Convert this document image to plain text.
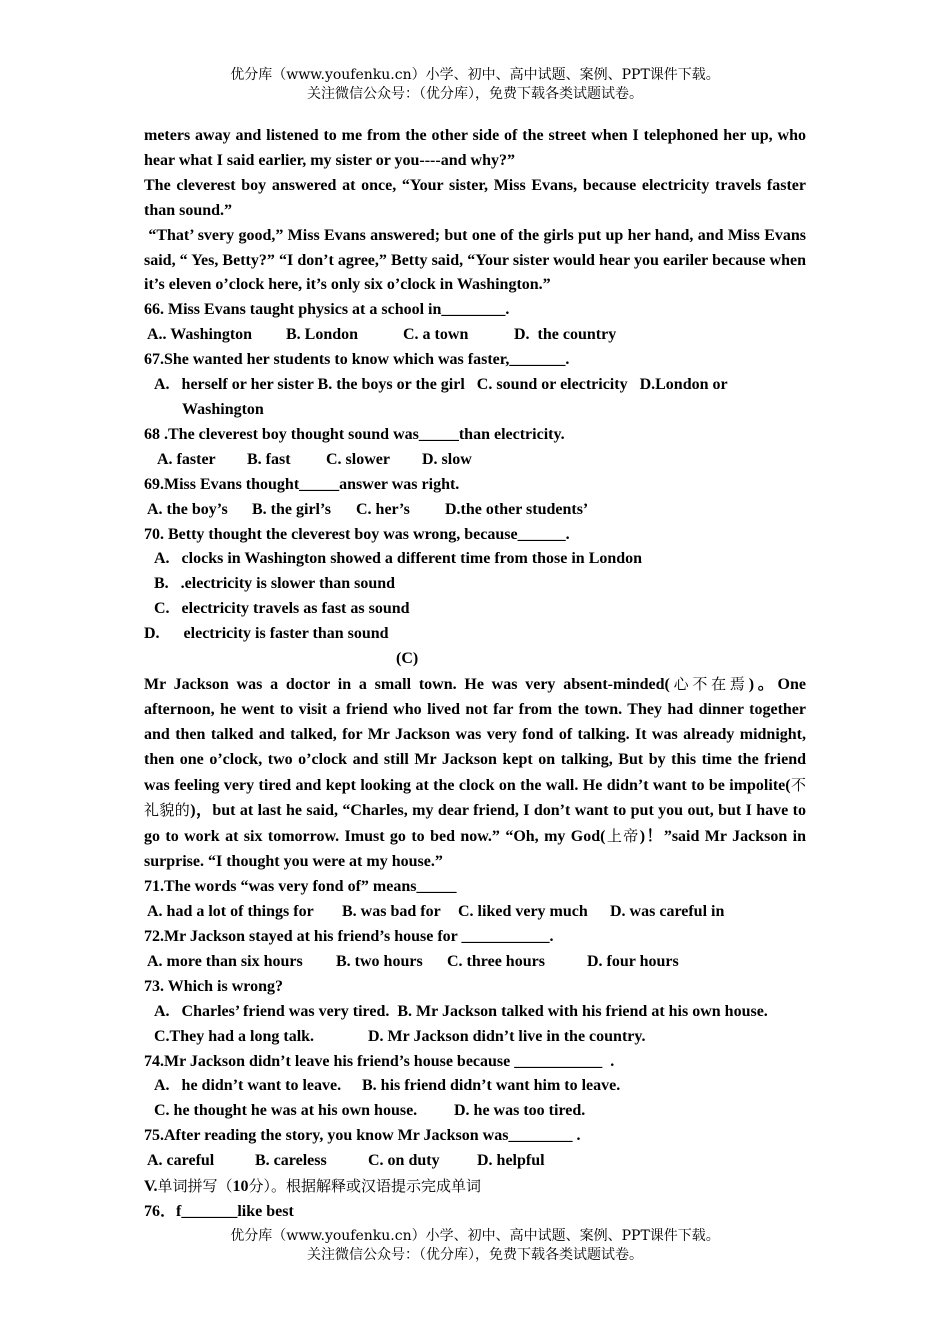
优分库（www.youfenku.cn）小学、初中、高中试题、案例、PPT课件下载。
关注微信公众号：（优分库），免费下载各类试题试卷。
meters away and listened to me from the other side of the street when I telephoned her up, who hear what I said earlier, my sister or you----and why?”
The cleverest boy answered at once, “Your sister, Miss Evans, because electricity travels faster than sound.”
“That’ svery good,” Miss Evans answered; but one of the girls put up her hand, and Miss Evans said, “ Yes, Betty?” “I don’t agree,” Betty said, “Your sister would hear you eariler because when it’s eleven o’clock here, it’s only six o’clock in Washington.”
66. Miss Evans taught physics at a school in________.
A.. Washington B. London	C. a town	D.  the country
67.She wanted her students to know which was faster,_______.
A.   herself or her sister B. the boys or the girl   C. sound or electricity   D.London or
Washington
68 .The cleverest boy thought sound was_____than electricity.
A. faster B. fast C. slower D. slow
69.Miss Evans thought_____answer was right.
A. the boy’s B. the girl’s C. her’s D.the other students’
70. Betty thought the cleverest boy was wrong, because______.
A.   clocks in Washington showed a different time from those in London
B.   .electricity is slower than sound
C.   electricity travels as fast as sound
D.      electricity is faster than sound
(C)
Mr Jackson was a doctor in a small town. He was very absent-minded(心不在焉)。One afternoon, he went to visit a friend who lived not far from the town. They had dinner together and then talked and talked, for Mr Jackson was very fond of talking. It was already midnight, then one o’clock, two o’clock and still Mr Jackson kept on talking, But by this time the friend was feeling very tired and kept looking at the clock on the wall. He didn’t want to be impolite(不礼貌的)，but at last he said, “Charles, my dear friend, I don’t want to put you out, but I have to go to work at six tomorrow. Imust go to bed now.” “Oh, my God(上帝)！”said Mr Jackson in surprise. “I thought you were at my house.”
71.The words “was very fond of” means_____
A. had a lot of things for B. was bad for C. liked very much D. was careful in
72.Mr Jackson stayed at his friend’s house for ___________.
A. more than six hours B. two hours C. three hours	D. four hours
73. Which is wrong?
A.   Charles’ friend was very tired.  B. Mr Jackson talked with his friend at his own house.
C.They had a long talk.	D. Mr Jackson didn’t live in the country.
74.Mr Jackson didn’t leave his friend’s house because ___________  .
A.   he didn’t want to leave. B. his friend didn’t want him to leave.
C. he thought he was at his own house. D. he was too tired.
75.After reading the story, you know Mr Jackson was________ .
A. careful	B. careless	C. on duty D. helpful
V.单词拼写（10分）。根据解释或汉语提示完成单词
76．f_______like best
优分库（www.youfenku.cn）小学、初中、高中试题、案例、PPT课件下载。
关注微信公众号：（优分库），免费下载各类试题试卷。
